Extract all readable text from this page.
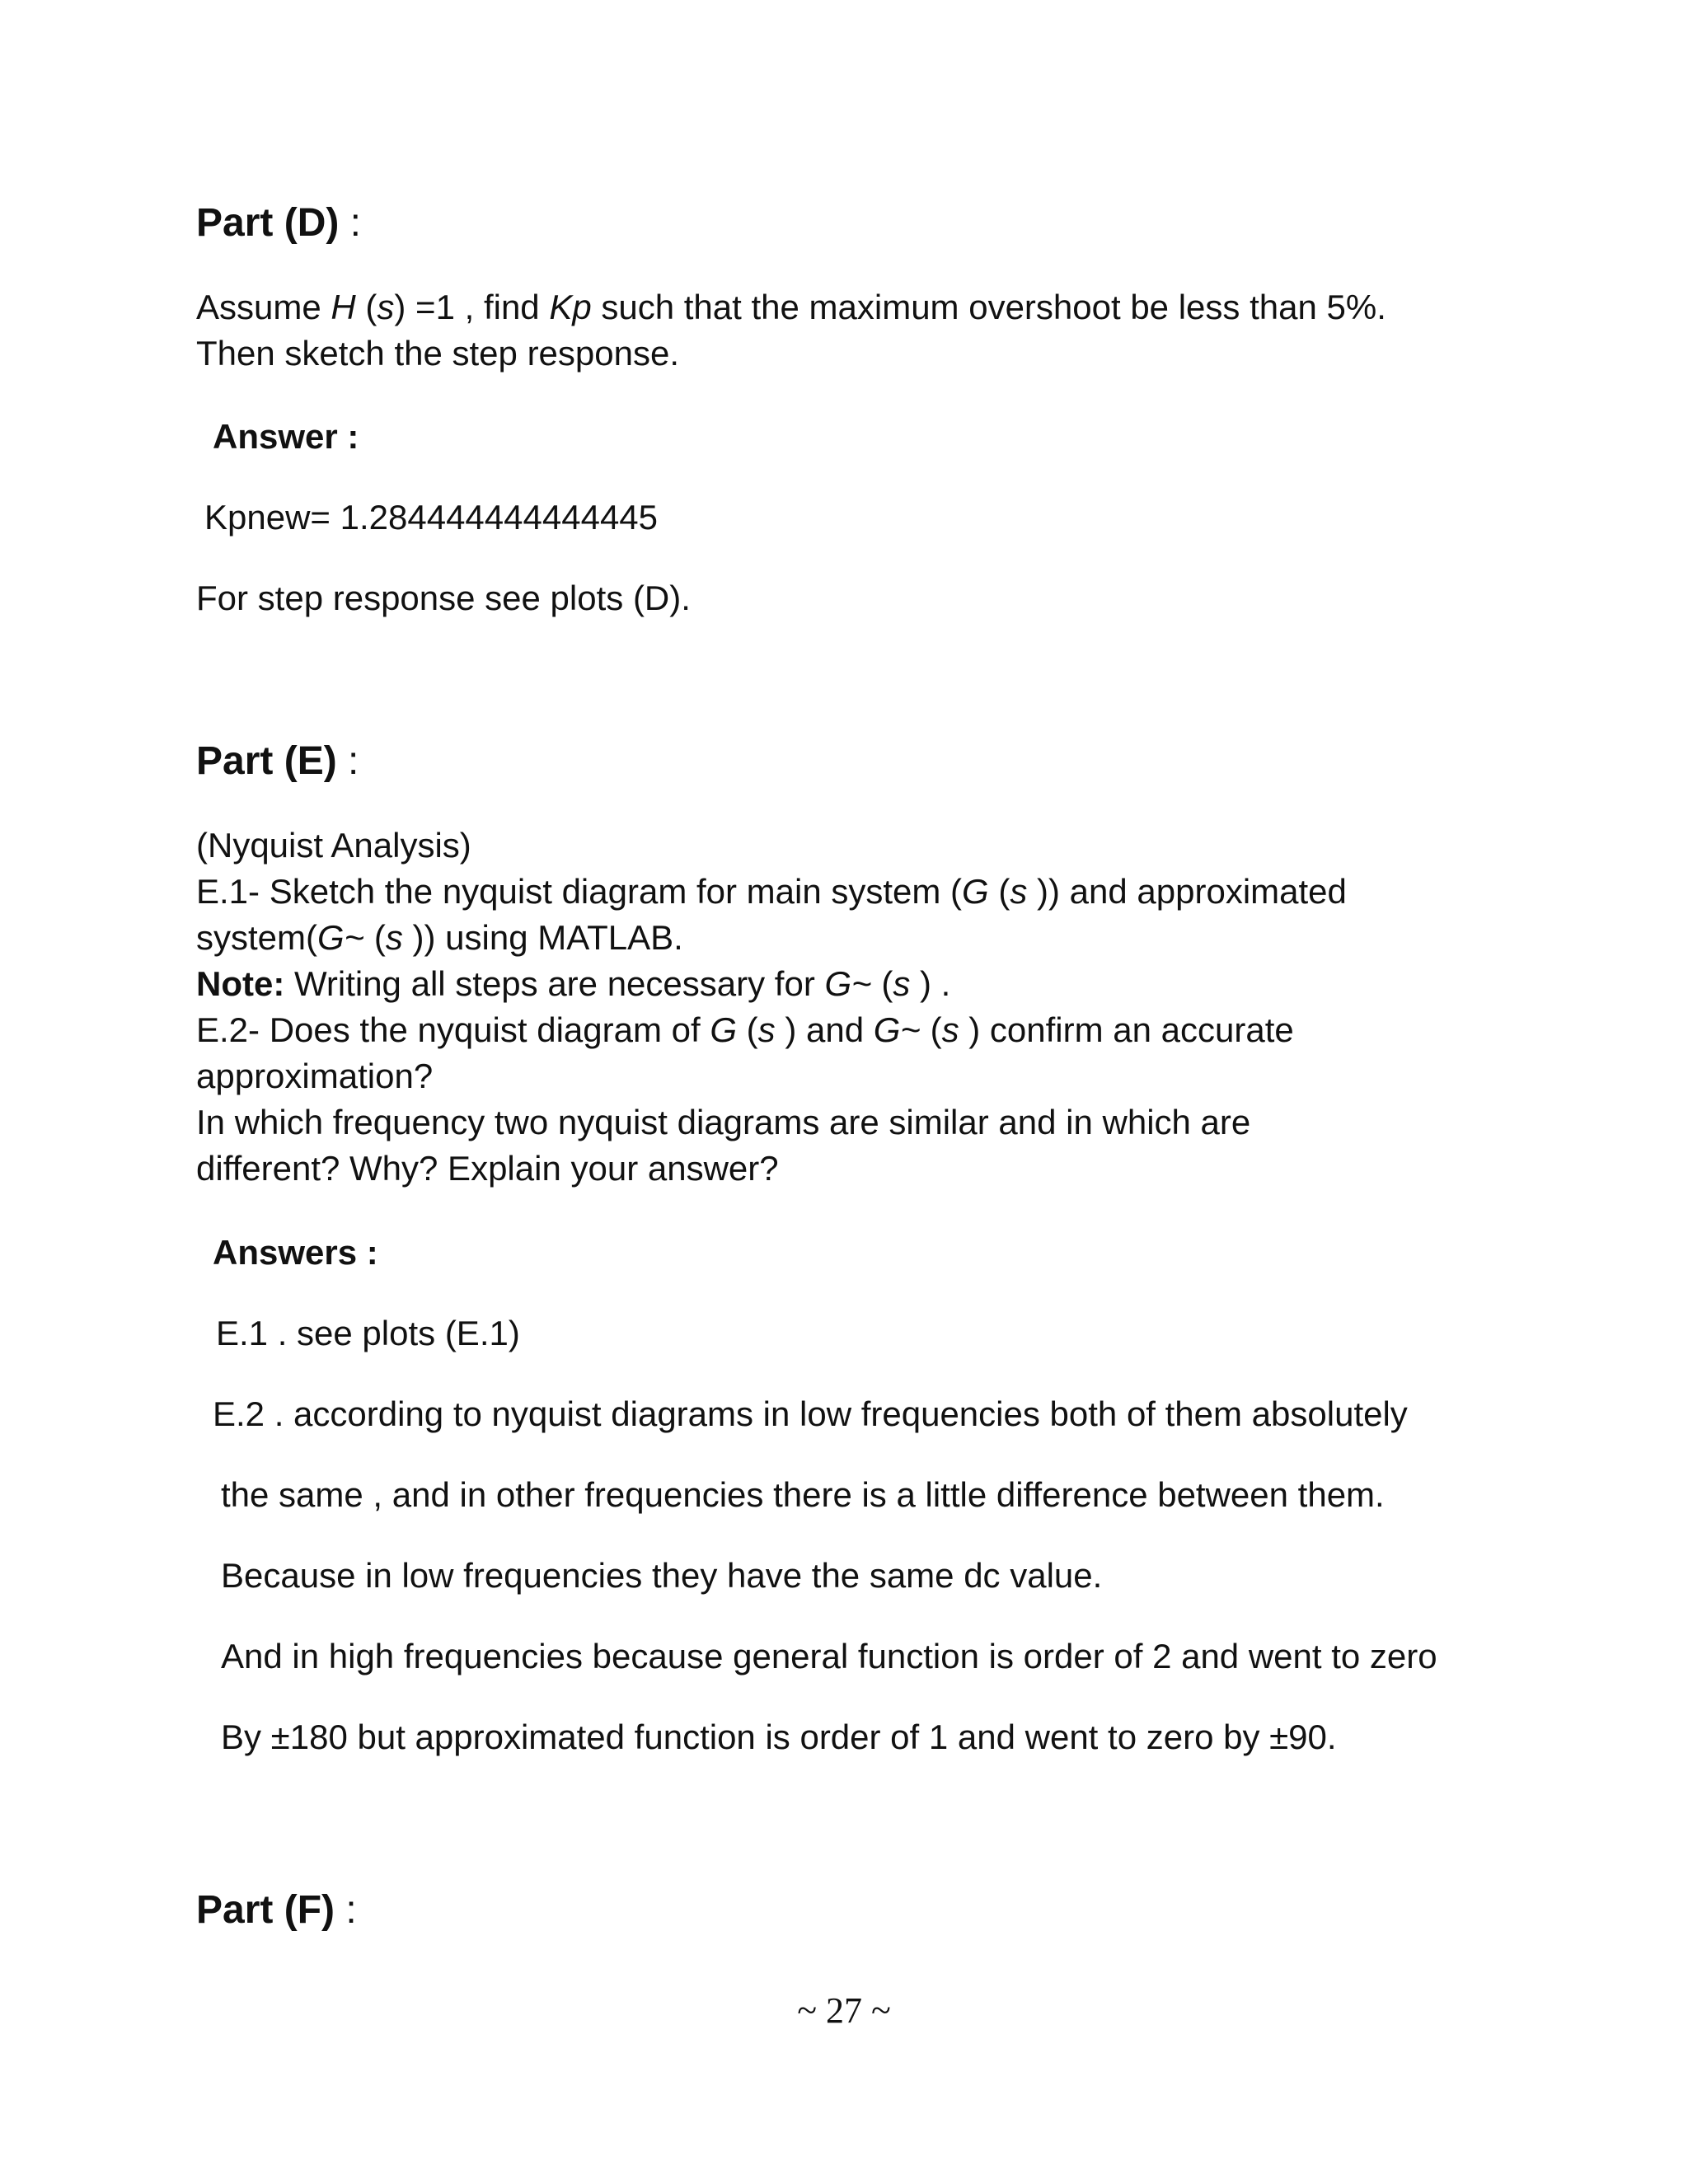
Part (D) :
Assume H (s) =1 , find Kp such that the maximum overshoot be less than 5%.
Then sketch the step response.
Answer :
Kpnew= 1.284444444444445
For step response see plots (D).
Part (E) :
(Nyquist Analysis)
E.1- Sketch the nyquist diagram for main system (G (s )) and approximated
system(G~ (s )) using MATLAB.
Note: Writing all steps are necessary for G~ (s ) .
E.2- Does the nyquist diagram of G (s ) and G~ (s ) confirm an accurate
approximation?
In which frequency two nyquist diagrams are similar and in which are
different? Why? Explain your answer?
Answers :
E.1 . see plots (E.1)
E.2 . according to nyquist diagrams in low frequencies both of them absolutely
the same , and in other frequencies there is a little difference between them.
Because in low frequencies they have the same dc value.
And in high frequencies because general function is order of 2 and went to zero
By ±180 but approximated function is order of 1 and went to zero by ±90.
Part (F) :
~ 27 ~
